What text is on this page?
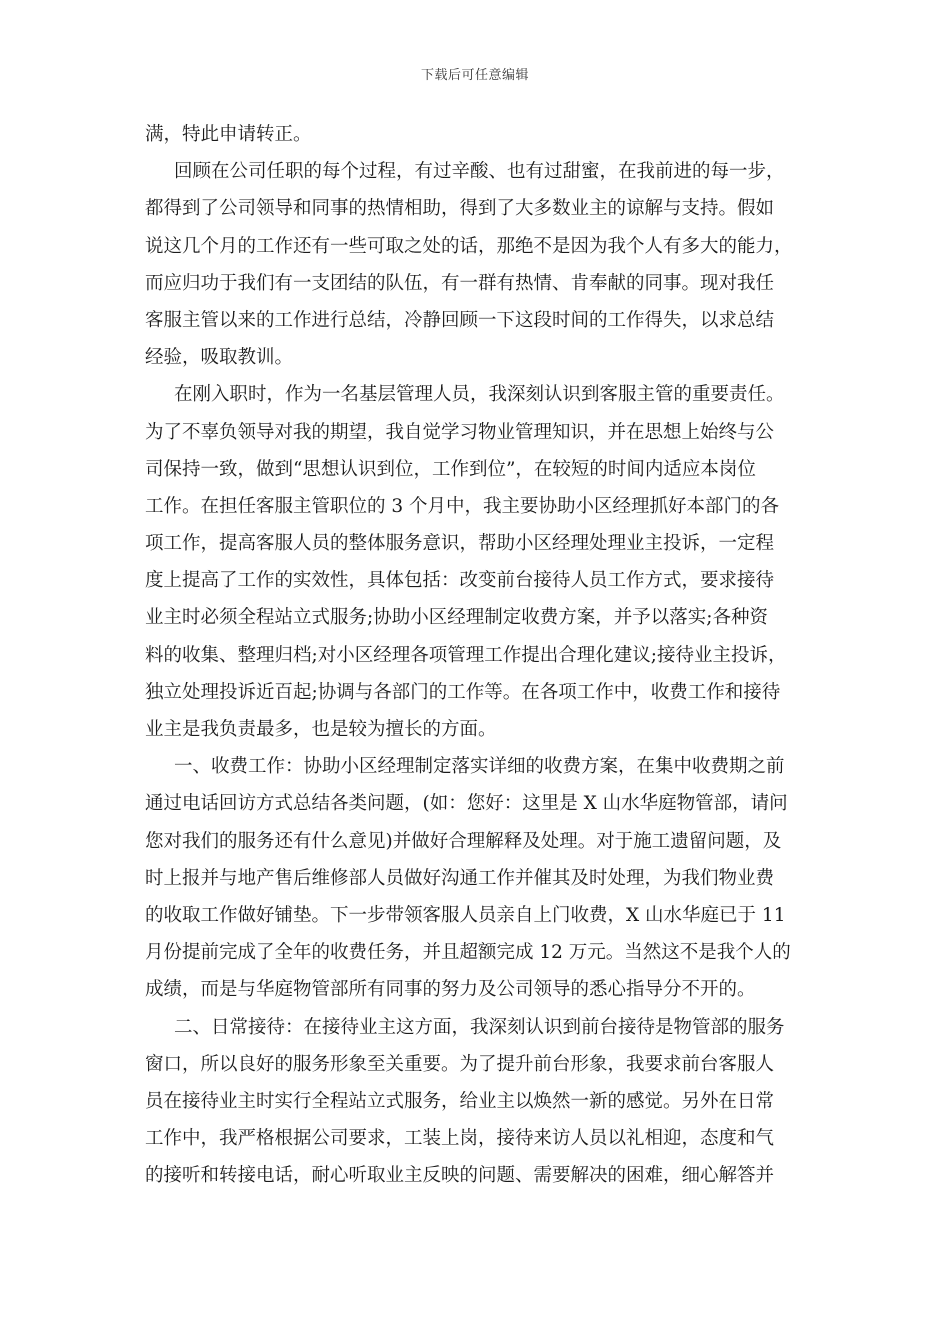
下载后可任意编辑

满，特此申请转正。

回顾在公司任职的每个过程，有过辛酸、也有过甜蜜，在我前进的每一步，
都得到了公司领导和同事的热情相助，得到了大多数业主的谅解与支持。假如
说这几个月的工作还有一些可取之处的话，那绝不是因为我个人有多大的能力，
而应归功于我们有一支团结的队伍，有一群有热情、肯奉献的同事。现对我任
客服主管以来的工作进行总结，冷静回顾一下这段时间的工作得失，以求总结
经验，吸取教训。

在刚入职时，作为一名基层管理人员，我深刻认识到客服主管的重要责任。
为了不辜负领导对我的期望，我自觉学习物业管理知识，并在思想上始终与公
司保持一致，做到“思想认识到位，工作到位”，在较短的时间内适应本岗位
工作。在担任客服主管职位的 3 个月中，我主要协助小区经理抓好本部门的各
项工作，提高客服人员的整体服务意识，帮助小区经理处理业主投诉，一定程
度上提高了工作的实效性，具体包括：改变前台接待人员工作方式，要求接待
业主时必须全程站立式服务;协助小区经理制定收费方案，并予以落实;各种资
料的收集、整理归档;对小区经理各项管理工作提出合理化建议;接待业主投诉，
独立处理投诉近百起;协调与各部门的工作等。在各项工作中，收费工作和接待
业主是我负责最多，也是较为擅长的方面。

一、收费工作：协助小区经理制定落实详细的收费方案，在集中收费期之前
通过电话回访方式总结各类问题，(如：您好：这里是 X 山水华庭物管部，请问
您对我们的服务还有什么意见)并做好合理解释及处理。对于施工遗留问题，及
时上报并与地产售后维修部人员做好沟通工作并催其及时处理，为我们物业费
的收取工作做好铺垫。下一步带领客服人员亲自上门收费，X 山水华庭已于 11
月份提前完成了全年的收费任务，并且超额完成 12 万元。当然这不是我个人的
成绩，而是与华庭物管部所有同事的努力及公司领导的悉心指导分不开的。

二、日常接待：在接待业主这方面，我深刻认识到前台接待是物管部的服务
窗口，所以良好的服务形象至关重要。为了提升前台形象，我要求前台客服人
员在接待业主时实行全程站立式服务，给业主以焕然一新的感觉。另外在日常
工作中，我严格根据公司要求，工装上岗，接待来访人员以礼相迎，态度和气
的接听和转接电话，耐心听取业主反映的问题、需要解决的困难，细心解答并
